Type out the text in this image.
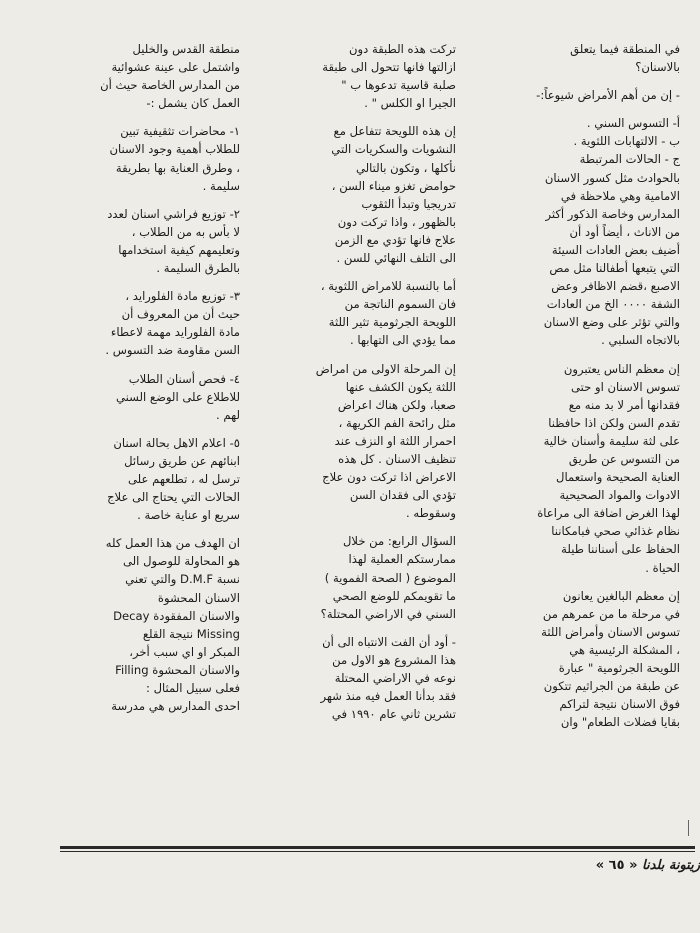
في المنطقة فيما يتعلق
بالاسنان؟
- إن من أهم الأمراض شيوعاً:-
أ- التسوس السني .
ب - الالتهابات اللثوية .
ج - الحالات المرتبطة
بالحوادث مثل كسور الاسنان
الامامية وهي ملاحظة في
المدارس وخاصة الذكور أكثر
من الاناث ، أيضاً أود أن
أضيف بعض العادات السيئة
التي يتبعها أطفالنا مثل مص
الاصبع ،قضم الاظافر وعض
الشفة ٠٠٠٠ الخ من العادات
والتي تؤثر على وضع الاسنان
بالاتجاه السلبي .
إن معظم الناس يعتبرون
تسوس الاسنان او حتى
فقدانها أمر لا بد منه مع
تقدم السن ولكن اذا حافظنا
على لثة سليمة وأسنان خالية
من التسوس عن طريق
العناية الصحيحة واستعمال
الادوات والمواد الصحيحية
لهذا الغرض اضافة الى مراعاة
نظام غذائي صحي فبامكاننا
الحفاظ على أسناننا طيلة
الحياة .
إن معظم البالغين يعانون
في مرحلة ما من عمرهم من
تسوس الاسنان وأمراض اللثة
، المشكلة الرئيسية هي
اللويحة الجرثومية " عبارة
عن طبقة من الجراثيم تتكون
فوق الاسنان نتيجة لتراكم
بقايا فضلات الطعام" وان
تركت هذه الطبقة دون
ازالتها فانها تتحول الى طبقة
صلبة قاسية تدعوها ب "
الجيرا او الكلس " .
إن هذه اللويحة تتفاعل مع
النشويات والسكريات التي
نأكلها ، وتكون بالتالي
حوامض تغزو ميناء السن ،
تدريجيا وتبدأ الثقوب
بالظهور ، واذا تركت دون
علاج فانها تؤدي مع الزمن
الى التلف النهائي للسن .
أما بالنسبة للامراض اللثوية ،
فان السموم الناتجة من
اللويحة الجرثومية تثير اللثة
مما يؤدي الى التهابها .
إن المرحلة الاولى من امراض
اللثة يكون الكشف عنها
صعبا، ولكن هناك اعراض
مثل رائحة الفم الكريهة ،
احمرار اللثة او النزف عند
تنظيف الاسنان . كل هذه
الاعراض اذا تركت دون علاج
تؤدي الى فقدان السن
وسقوطه .
السؤال الرابع: من خلال
ممارستكم العملية لهذا
الموضوع ( الصحة الفموية )
ما تقويمكم للوضع الصحي
السني في الاراضي المحتلة؟
- أود أن الفت الانتباه الى أن
هذا المشروع هو الاول من
نوعه في الاراضي المحتلة
فقد بدأنا العمل فيه منذ شهر
تشرين ثاني عام ١٩٩٠ في
منطقة القدس والخليل
واشتمل على عينة عشوائية
من المدارس الخاصة حيث أن
العمل كان يشمل :-
١- محاضرات تثقيفية تبين
للطلاب أهمية وجود الاسنان
، وطرق العناية بها بطريقة
سليمة .
٢- توزيع فراشي اسنان لعدد
لا بأس به من الطلاب ،
وتعليمهم كيفية استخدامها
بالطرق السليمة .
٣- توزيع مادة الفلورايد ،
حيث أن من المعروف أن
مادة الفلورايد مهمة لاعطاء
السن مقاومة ضد التسوس .
٤- فحص أسنان الطلاب
للاطلاع على الوضع السني
لهم .
٥- اعلام الاهل بحالة اسنان
ابنائهم عن طريق رسائل
ترسل له ، تطلعهم على
الحالات التي يحتاج الى علاج
سريع او عناية خاصة .
ان الهدف من هذا العمل كله
هو المحاولة للوصول الى
نسبة D.M.F والتي تعني
الاسنان المحشوة
والاسنان المفقودة Decay
Missing نتيجة القلع
المبكر او اي سبب أخر،
والاسنان المحشوة Filling
فعلى سبيل المثال :
احدى المدارس هي مدرسة
زيتونة بلدنا « ٦٥ »
